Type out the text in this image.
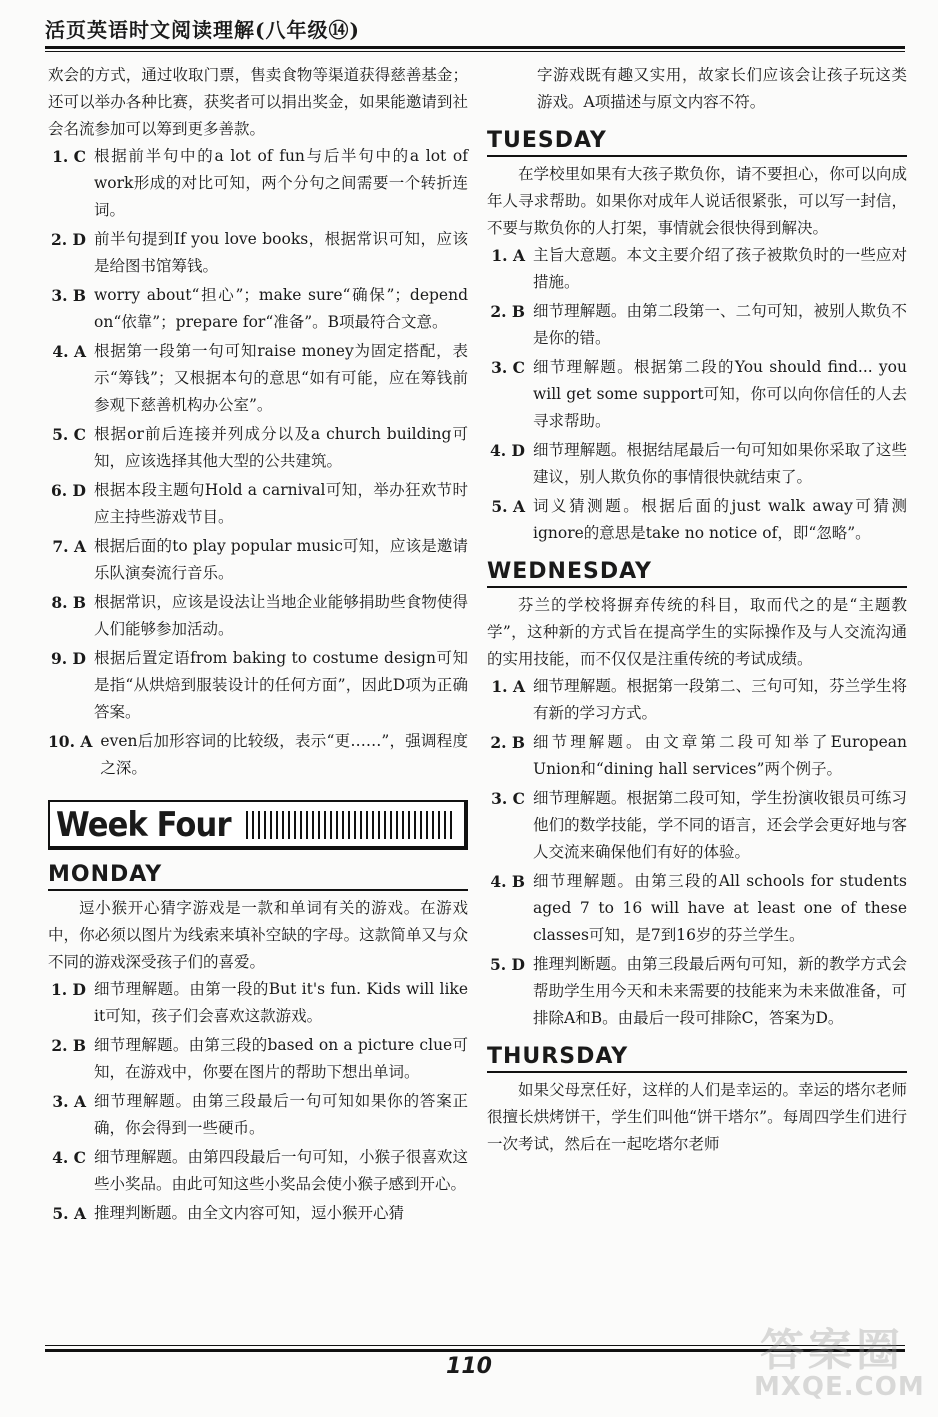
活页英语时文阅读理解(八年级⑭)

欢会的方式，通过收取门票，售卖食物等渠道获得慈善基金；还可以举办各种比赛，获奖者可以捐出奖金，如果能邀请到社会名流参加可以筹到更多善款。

1. C 根据前半句中的a lot of fun与后半句中的a lot of work形成的对比可知，两个分句之间需要一个转折连词。
2. D 前半句提到If you love books，根据常识可知，应该是给图书馆筹钱。
3. B worry about“担心”；make sure“确保”；depend on“依靠”；prepare for“准备”。B项最符合文意。
4. A 根据第一段第一句可知raise money为固定搭配，表示“筹钱”；又根据本句的意思“如有可能，应在筹钱前参观下慈善机构办公室”。
5. C 根据or前后连接并列成分以及a church building可知，应该选择其他大型的公共建筑。
6. D 根据本段主题句Hold a carnival可知，举办狂欢节时应主持些游戏节目。
7. A 根据后面的to play popular music可知，应该是邀请乐队演奏流行音乐。
8. B 根据常识，应该是设法让当地企业能够捐助些食物使得人们能够参加活动。
9. D 根据后置定语from baking to costume design可知是指“从烘焙到服装设计的任何方面”，因此D项为正确答案。
10. A even后加形容词的比较级，表示“更……”，强调程度之深。
Week Four
MONDAY

逗小猴开心猜字游戏是一款和单词有关的游戏。在游戏中，你必须以图片为线索来填补空缺的字母。这款简单又与众不同的游戏深受孩子们的喜爱。

1. D 细节理解题。由第一段的But it's fun. Kids will like it可知，孩子们会喜欢这款游戏。
2. B 细节理解题。由第三段的based on a picture clue可知，在游戏中，你要在图片的帮助下想出单词。
3. A 细节理解题。由第三段最后一句可知如果你的答案正确，你会得到一些硬币。
4. C 细节理解题。由第四段最后一句可知，小猴子很喜欢这些小奖品。由此可知这些小奖品会使小猴子感到开心。
5. A 推理判断题。由全文内容可知，逗小猴开心猜

字游戏既有趣又实用，故家长们应该会让孩子玩这类游戏。A项描述与原文内容不符。

TUESDAY

在学校里如果有大孩子欺负你，请不要担心，你可以向成年人寻求帮助。如果你对成年人说话很紧张，可以写一封信，不要与欺负你的人打架，事情就会很快得到解决。

1. A 主旨大意题。本文主要介绍了孩子被欺负时的一些应对措施。
2. B 细节理解题。由第二段第一、二句可知，被别人欺负不是你的错。
3. C 细节理解题。根据第二段的You should find... you will get some support可知，你可以向你信任的人去寻求帮助。
4. D 细节理解题。根据结尾最后一句可知如果你采取了这些建议，别人欺负你的事情很快就结束了。
5. A 词义猜测题。根据后面的just walk away可猜测ignore的意思是take no notice of，即“忽略”。
WEDNESDAY

芬兰的学校将摒弃传统的科目，取而代之的是“主题教学”，这种新的方式旨在提高学生的实际操作及与人交流沟通的实用技能，而不仅仅是注重传统的考试成绩。

1. A 细节理解题。根据第一段第二、三句可知，芬兰学生将有新的学习方式。
2. B 细节理解题。由文章第二段可知举了European Union和“dining hall services”两个例子。
3. C 细节理解题。根据第二段可知，学生扮演收银员可练习他们的数学技能，学不同的语言，还会学会更好地与客人交流来确保他们有好的体验。
4. B 细节理解题。由第三段的All schools for students aged 7 to 16 will have at least one of these classes可知，是7到16岁的芬兰学生。
5. D 推理判断题。由第三段最后两句可知，新的教学方式会帮助学生用今天和未来需要的技能来为未来做准备，可排除A和B。由最后一段可排除C，答案为D。
THURSDAY

如果父母烹任好，这样的人们是幸运的。幸运的塔尔老师很擅长烘烤饼干，学生们叫他“饼干塔尔”。每周四学生们进行一次考试，然后在一起吃塔尔老师

110	答案圈
MXQE.COM
